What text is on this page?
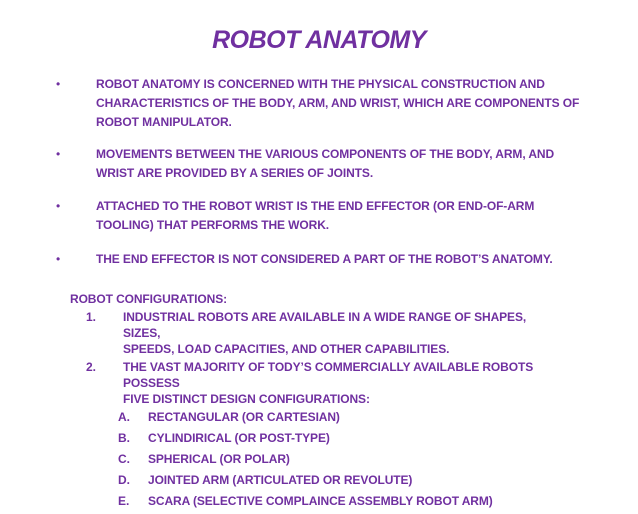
ROBOT ANATOMY
•	ROBOT ANATOMY IS CONCERNED WITH THE PHYSICAL CONSTRUCTION AND
CHARACTERISTICS OF THE BODY, ARM, AND WRIST, WHICH ARE COMPONENTS OF
ROBOT MANIPULATOR.
•	MOVEMENTS BETWEEN THE VARIOUS COMPONENTS OF THE BODY, ARM, AND
WRIST ARE PROVIDED BY A SERIES OF JOINTS.
•	ATTACHED TO THE ROBOT WRIST IS THE END EFFECTOR (OR END-OF-ARM
TOOLING) THAT PERFORMS THE WORK.
•	THE END EFFECTOR IS NOT CONSIDERED A PART OF THE ROBOT’S ANATOMY.

ROBOT CONFIGURATIONS:

1. INDUSTRIAL ROBOTS ARE AVAILABLE IN A WIDE RANGE OF SHAPES, SIZES,
SPEEDS, LOAD CAPACITIES, AND OTHER CAPABILITIES.
2. THE VAST MAJORITY OF TODY’S COMMERCIALLY AVAILABLE ROBOTS POSSESS
FIVE DISTINCT DESIGN CONFIGURATIONS:
A. RECTANGULAR (OR CARTESIAN)
B. CYLINDIRICAL (OR POST-TYPE)
C. SPHERICAL (OR POLAR)
D. JOINTED ARM (ARTICULATED OR REVOLUTE)
E. SCARA (SELECTIVE COMPLAINCE ASSEMBLY ROBOT ARM)
